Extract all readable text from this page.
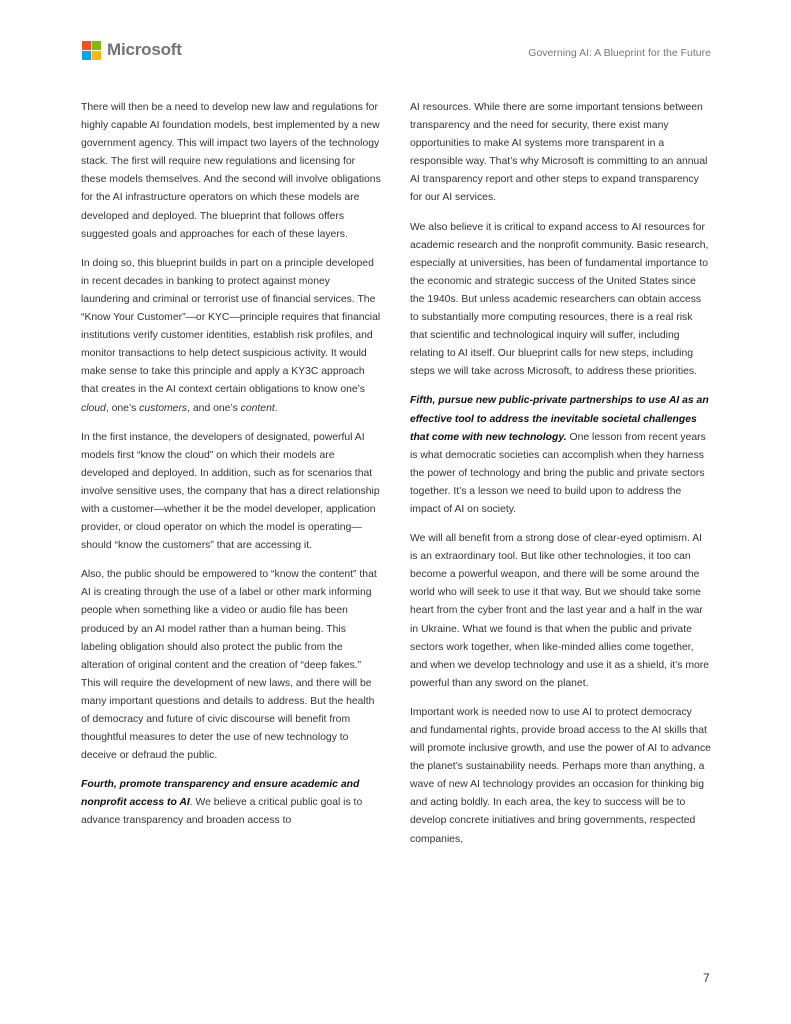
Microsoft	Governing AI: A Blueprint for the Future

There will then be a need to develop new law and regulations for highly capable AI foundation models, best implemented by a new government agency. This will impact two layers of the technology stack. The first will require new regulations and licensing for these models themselves. And the second will involve obligations for the AI infrastructure operators on which these models are developed and deployed. The blueprint that follows offers suggested goals and approaches for each of these layers.

In doing so, this blueprint builds in part on a principle developed in recent decades in banking to protect against money laundering and criminal or terrorist use of financial services. The “Know Your Customer”—or KYC—principle requires that financial institutions verify customer identities, establish risk profiles, and monitor transactions to help detect suspicious activity. It would make sense to take this principle and apply a KY3C approach that creates in the AI context certain obligations to know one’s cloud, one’s customers, and one’s content.

In the first instance, the developers of designated, powerful AI models first “know the cloud” on which their models are developed and deployed. In addition, such as for scenarios that involve sensitive uses, the company that has a direct relationship with a customer—whether it be the model developer, application provider, or cloud operator on which the model is operating—should “know the customers” that are accessing it.

Also, the public should be empowered to “know the content” that AI is creating through the use of a label or other mark informing people when something like a video or audio file has been produced by an AI model rather than a human being. This labeling obligation should also protect the public from the alteration of original content and the creation of “deep fakes.” This will require the development of new laws, and there will be many important questions and details to address. But the health of democracy and future of civic discourse will benefit from thoughtful measures to deter the use of new technology to deceive or defraud the public.

Fourth, promote transparency and ensure academic and nonprofit access to AI. We believe a critical public goal is to advance transparency and broaden access to

AI resources. While there are some important tensions between transparency and the need for security, there exist many opportunities to make AI systems more transparent in a responsible way. That’s why Microsoft is committing to an annual AI transparency report and other steps to expand transparency for our AI services.

We also believe it is critical to expand access to AI resources for academic research and the nonprofit community. Basic research, especially at universities, has been of fundamental importance to the economic and strategic success of the United States since the 1940s. But unless academic researchers can obtain access to substantially more computing resources, there is a real risk that scientific and technological inquiry will suffer, including relating to AI itself. Our blueprint calls for new steps, including steps we will take across Microsoft, to address these priorities.

Fifth, pursue new public-private partnerships to use AI as an effective tool to address the inevitable societal challenges that come with new technology. One lesson from recent years is what democratic societies can accomplish when they harness the power of technology and bring the public and private sectors together. It’s a lesson we need to build upon to address the impact of AI on society.

We will all benefit from a strong dose of clear-eyed optimism. AI is an extraordinary tool. But like other technologies, it too can become a powerful weapon, and there will be some around the world who will seek to use it that way. But we should take some heart from the cyber front and the last year and a half in the war in Ukraine. What we found is that when the public and private sectors work together, when like-minded allies come together, and when we develop technology and use it as a shield, it’s more powerful than any sword on the planet.

Important work is needed now to use AI to protect democracy and fundamental rights, provide broad access to the AI skills that will promote inclusive growth, and use the power of AI to advance the planet’s sustainability needs. Perhaps more than anything, a wave of new AI technology provides an occasion for thinking big and acting boldly. In each area, the key to success will be to develop concrete initiatives and bring governments, respected companies,

7
